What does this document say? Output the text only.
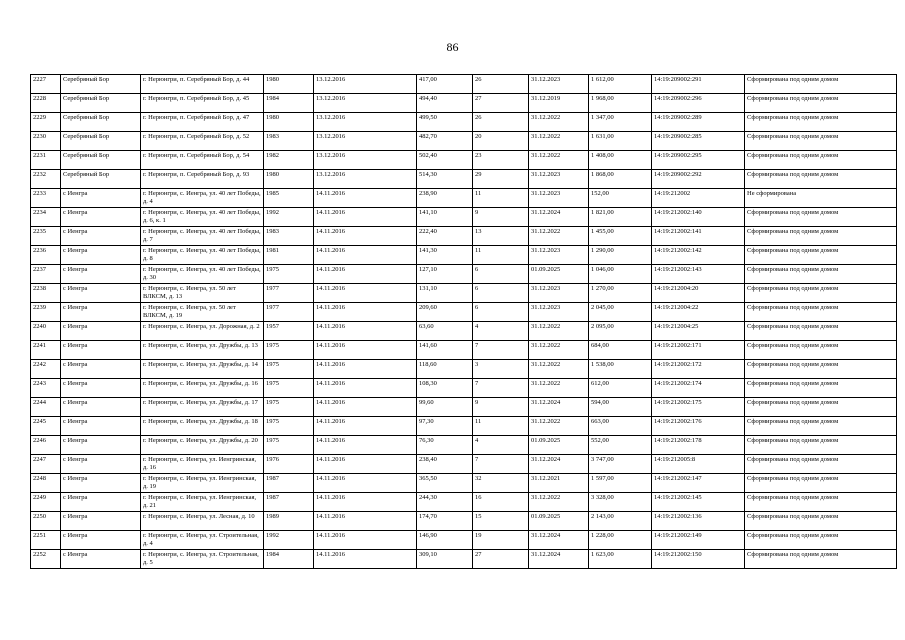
86
2227	Серебряный Бор	г. Нерюнгри, п. Серебряный Бор, д. 44	1980	13.12.2016	417,00	26	31.12.2023	1 612,00	14:19:209002:291	Сформирована под одним домом
2228	Серебряный Бор	г. Нерюнгри, п. Серебряный Бор, д. 45	1984	13.12.2016	494,40	27	31.12.2019	1 968,00	14:19:209002:296	Сформирована под одним домом
2229	Серебряный Бор	г. Нерюнгри, п. Серебряный Бор, д. 47	1980	13.12.2016	499,50	26	31.12.2022	1 347,00	14:19:209002:289	Сформирована под одним домом
2230	Серебряный Бор	г. Нерюнгри, п. Серебряный Бор, д. 52	1983	13.12.2016	482,70	20	31.12.2022	1 631,00	14:19:209002:285	Сформирована под одним домом
2231	Серебряный Бор	г. Нерюнгри, п. Серебряный Бор, д. 54	1982	13.12.2016	502,40	23	31.12.2022	1 408,00	14:19:209002:295	Сформирована под одним домом
2232	Серебряный Бор	г. Нерюнгри, п. Серебряный Бор, д. 93	1980	13.12.2016	514,30	29	31.12.2023	1 868,00	14:19:209002:292	Сформирована под одним домом
2233	с Иенгра	г. Нерюнгри, с. Иенгра, ул. 40 лет Победы, д. 4	1985	14.11.2016	238,90	11	31.12.2023	152,00	14:19:212002	Не сформирована
2234	с Иенгра	г. Нерюнгри, с. Иенгра, ул. 40 лет Победы, д. 6, к. 1	1992	14.11.2016	141,10	9	31.12.2024	1 821,00	14:19:212002:140	Сформирована под одним домом
2235	с Иенгра	г. Нерюнгри, с. Иенгра, ул. 40 лет Победы, д. 7	1983	14.11.2016	222,40	13	31.12.2022	1 455,00	14:19:212002:141	Сформирована под одним домом
2236	с Иенгра	г. Нерюнгри, с. Иенгра, ул. 40 лет Победы, д. 8	1981	14.11.2016	141,30	11	31.12.2023	1 290,00	14:19:212002:142	Сформирована под одним домом
2237	с Иенгра	г. Нерюнгри, с. Иенгра, ул. 40 лет Победы, д. 30	1975	14.11.2016	127,10	6	01.09.2025	1 046,00	14:19:212002:143	Сформирована под одним домом
2238	с Иенгра	г. Нерюнгри, с. Иенгра, ул. 50 лет ВЛКСМ, д. 13	1977	14.11.2016	131,10	6	31.12.2023	1 270,00	14:19:212004:20	Сформирована под одним домом
2239	с Иенгра	г. Нерюнгри, с. Иенгра, ул. 50 лет ВЛКСМ, д. 19	1977	14.11.2016	209,60	6	31.12.2023	2 045,00	14:19:212004:22	Сформирована под одним домом
2240	с Иенгра	г. Нерюнгри, с. Иенгра, ул. Дорожная, д. 2	1957	14.11.2016	63,60	4	31.12.2022	2 095,00	14:19:212004:25	Сформирована под одним домом
2241	с Иенгра	г. Нерюнгри, с. Иенгра, ул. Дружбы, д. 13	1975	14.11.2016	141,60	7	31.12.2022	684,00	14:19:212002:171	Сформирована под одним домом
2242	с Иенгра	г. Нерюнгри, с. Иенгра, ул. Дружбы, д. 14	1975	14.11.2016	118,60	3	31.12.2022	1 538,00	14:19:212002:172	Сформирована под одним домом
2243	с Иенгра	г. Нерюнгри, с. Иенгра, ул. Дружбы, д. 16	1975	14.11.2016	108,30	7	31.12.2022	612,00	14:19:212002:174	Сформирована под одним домом
2244	с Иенгра	г. Нерюнгри, с. Иенгра, ул. Дружбы, д. 17	1975	14.11.2016	99,60	9	31.12.2024	594,00	14:19:212002:175	Сформирована под одним домом
2245	с Иенгра	г. Нерюнгри, с. Иенгра, ул. Дружбы, д. 18	1975	14.11.2016	97,30	11	31.12.2022	663,00	14:19:212002:176	Сформирована под одним домом
2246	с Иенгра	г. Нерюнгри, с. Иенгра, ул. Дружбы, д. 20	1975	14.11.2016	76,30	4	01.09.2025	552,00	14:19:212002:178	Сформирована под одним домом
2247	с Иенгра	г. Нерюнгри, с. Иенгра, ул. Иенгринская, д. 16	1976	14.11.2016	238,40	7	31.12.2024	3 747,00	14:19:212005:8	Сформирована под одним домом
2248	с Иенгра	г. Нерюнгри, с. Иенгра, ул. Иенгринская, д. 19	1987	14.11.2016	365,50	32	31.12.2021	1 597,00	14:19:212002:147	Сформирована под одним домом
2249	с Иенгра	г. Нерюнгри, с. Иенгра, ул. Иенгринская, д. 21	1987	14.11.2016	244,30	16	31.12.2022	3 328,00	14:19:212002:145	Сформирована под одним домом
2250	с Иенгра	г. Нерюнгри, с. Иенгра, ул. Лесная, д. 10	1989	14.11.2016	174,70	15	01.09.2025	2 143,00	14:19:212002:136	Сформирована под одним домом
2251	с Иенгра	г. Нерюнгри, с. Иенгра, ул. Строительная, д. 4	1992	14.11.2016	146,90	19	31.12.2024	1 228,00	14:19:212002:149	Сформирована под одним домом
2252	с Иенгра	г. Нерюнгри, с. Иенгра, ул. Строительная, д. 5	1984	14.11.2016	309,10	27	31.12.2024	1 623,00	14:19:212002:150	Сформирована под одним домом
